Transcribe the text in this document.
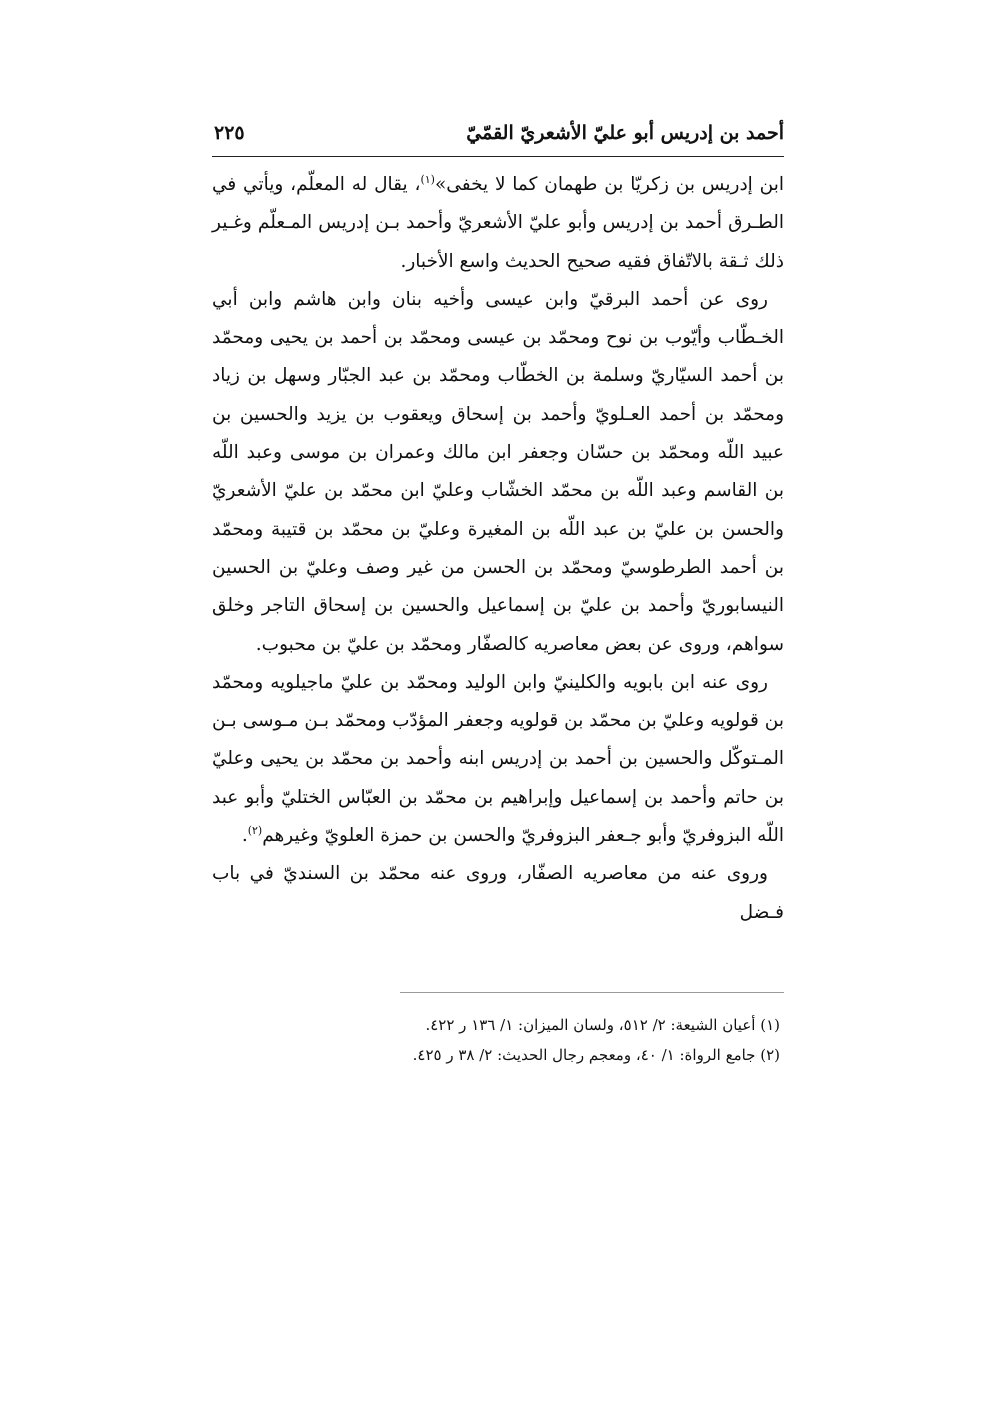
أحمد بن إدريس أبو عليّ الأشعريّ القمّيّ
٢٢٥

ابن إدريس بن زكريّا بن طهمان كما لا يخفى»$^{(١)}$، يقال له المعلّم، ويأتي في الطـرق أحمد بن إدريس وأبو عليّ الأشعريّ وأحمد بـن إدريس المـعلّم وغـير ذلك ثـقة بالاتّفاق فقيه صحيح الحديث واسع الأخبار.

روى عن أحمد البرقيّ وابن عيسى وأخيه بنان وابن هاشم وابن أبي الخـطّاب وأيّوب بن نوح ومحمّد بن عيسى ومحمّد بن أحمد بن يحيى ومحمّد بن أحمد السيّاريّ وسلمة بن الخطّاب ومحمّد بن عبد الجبّار وسهل بن زياد ومحمّد بن أحمد العـلويّ وأحمد بن إسحاق ويعقوب بن يزيد والحسين بن عبيد اللّه ومحمّد بن حسّان وجعفر ابن مالك وعمران بن موسى وعبد اللّه بن القاسم وعبد اللّه بن محمّد الخشّاب وعليّ ابن محمّد بن عليّ الأشعريّ والحسن بن عليّ بن عبد اللّه بن المغيرة وعليّ بن محمّد بن قتيبة ومحمّد بن أحمد الطرطوسيّ ومحمّد بن الحسن من غير وصف وعليّ بن الحسين النيسابوريّ وأحمد بن عليّ بن إسماعيل والحسين بن إسحاق التاجر وخلق سواهم، وروى عن بعض معاصريه كالصفّار ومحمّد بن عليّ بن محبوب.

روى عنه ابن بابويه والكلينيّ وابن الوليد ومحمّد بن عليّ ماجيلويه ومحمّد بن قولويه وعليّ بن محمّد بن قولويه وجعفر المؤدّب ومحمّد بـن مـوسى بـن المـتوكّل والحسين بن أحمد بن إدريس ابنه وأحمد بن محمّد بن يحيى وعليّ بن حاتم وأحمد بن إسماعيل وإبراهيم بن محمّد بن العبّاس الختليّ وأبو عبد اللّه البزوفريّ وأبو جـعفر البزوفريّ والحسن بن حمزة العلويّ وغيرهم$^{(٢)}$.

وروى عنه من معاصريه الصفّار، وروى عنه محمّد بن السنديّ في باب فـضل

(١) أعيان الشيعة: ٢/ ٥١٢، ولسان الميزان: ١/ ١٣٦ ر ٤٢٢.

(٢) جامع الرواة: ١/ ٤٠، ومعجم رجال الحديث: ٢/ ٣٨ ر ٤٢٥.
